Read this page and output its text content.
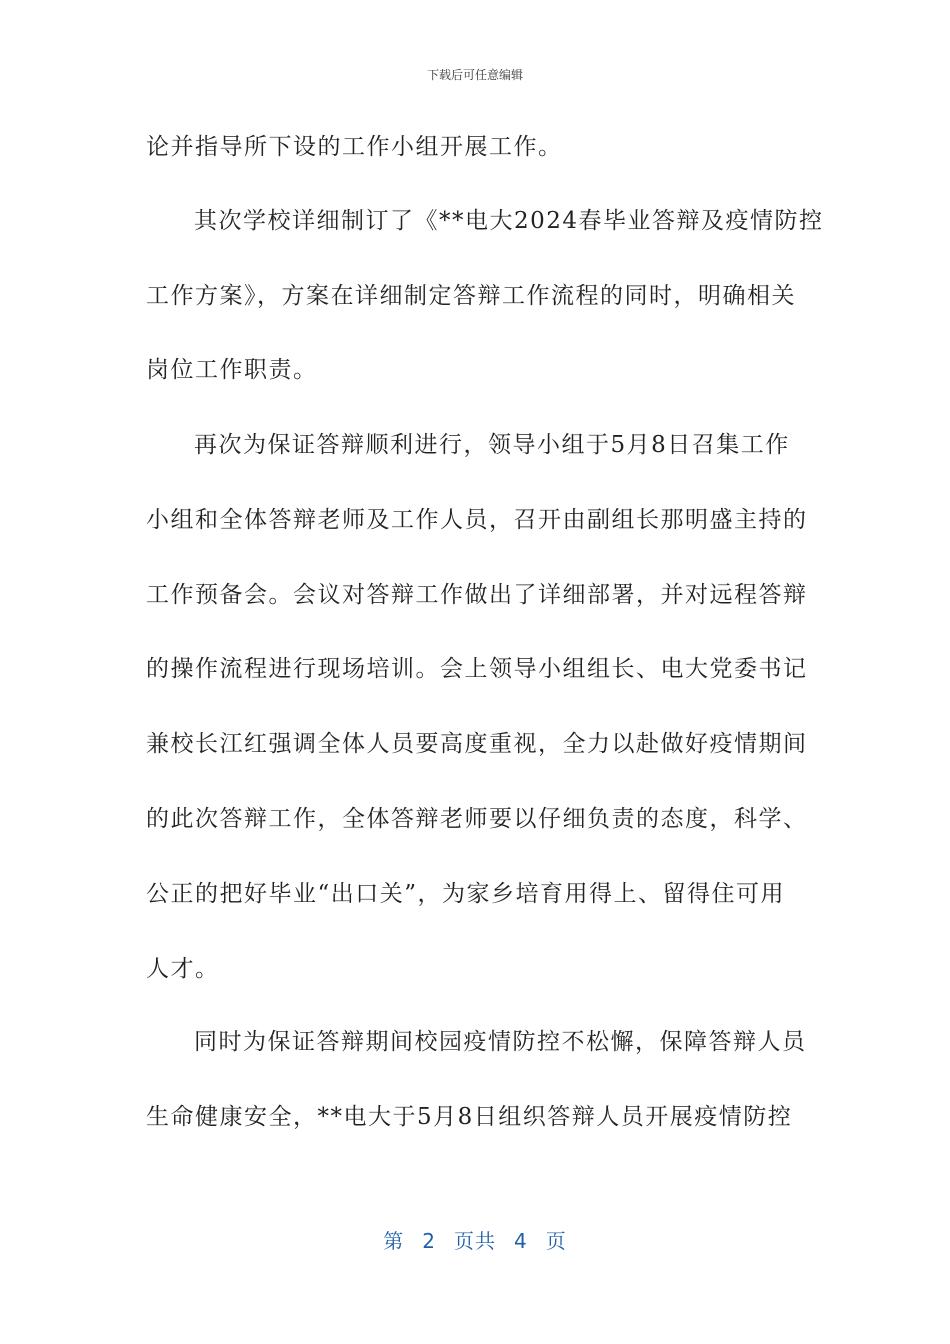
下载后可任意编辑
论并指导所下设的工作小组开展工作。
其次学校详细制订了《**电大2024春毕业答辩及疫情防控
工作方案》，方案在详细制定答辩工作流程的同时，明确相关
岗位工作职责。
再次为保证答辩顺利进行，领导小组于5月8日召集工作
小组和全体答辩老师及工作人员，召开由副组长那明盛主持的
工作预备会。会议对答辩工作做出了详细部署，并对远程答辩
的操作流程进行现场培训。会上领导小组组长、电大党委书记
兼校长江红强调全体人员要高度重视，全力以赴做好疫情期间
的此次答辩工作，全体答辩老师要以仔细负责的态度，科学、
公正的把好毕业“出口关”，为家乡培育用得上、留得住可用
人才。
同时为保证答辩期间校园疫情防控不松懈，保障答辩人员
生命健康安全，**电大于5月8日组织答辩人员开展疫情防控
第 2 页共 4 页
